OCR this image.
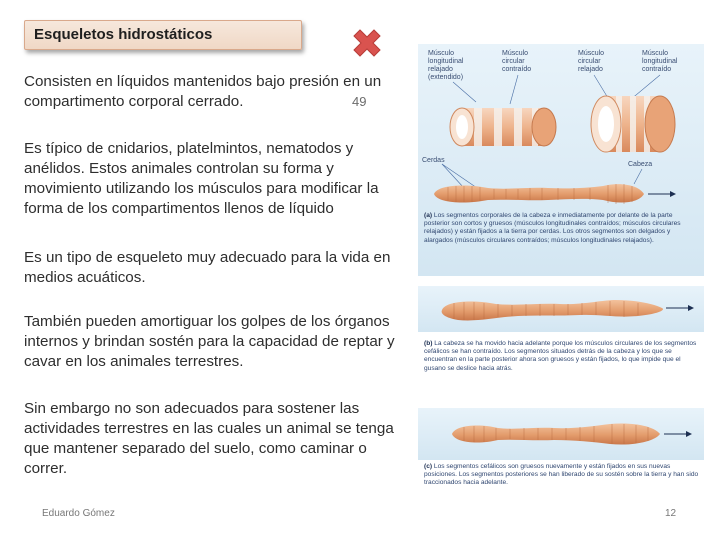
Esqueletos hidrostáticos
49
Consisten en líquidos mantenidos bajo presión en un compartimento corporal cerrado.
Es típico de cnidarios, platelmintos, nematodos y anélidos. Estos animales controlan su forma y movimiento utilizando los músculos para modificar la forma de los compartimentos llenos de líquido
Es un tipo de esqueleto muy adecuado para la vida en medios acuáticos.
También pueden amortiguar los golpes de los órganos internos y brindan sostén para la capacidad de reptar y cavar en los animales terrestres.
Sin embargo no son adecuados para sostener las actividades terrestres en las cuales un animal se tenga que mantener separado del suelo, como caminar o correr.
Músculo
longitudinal
relajado
(extendido)
Músculo
circular
contraído
Músculo
circular
relajado
Músculo
longitudinal
contraído
Cerdas
Cabeza
(a) Los segmentos corporales de la cabeza e inmediatamente por delante de la parte posterior son cortos y gruesos (músculos longitudinales contraídos; músculos circulares relajados) y están fijados a la tierra por cerdas. Los otros segmentos son delgados y alargados (músculos circulares contraídos; músculos longitudinales relajados).
(b) La cabeza se ha movido hacia adelante porque los músculos circulares de los segmentos cefálicos se han contraído. Los segmentos situados detrás de la cabeza y los que se encuentran en la parte posterior ahora son gruesos y están fijados, lo que impide que el gusano se deslice hacia atrás.
(c) Los segmentos cefálicos son gruesos nuevamente y están fijados en sus nuevas posiciones. Los segmentos posteriores se han liberado de su sostén sobre la tierra y han sido traccionados hacia adelante.
Eduardo Gómez	12
